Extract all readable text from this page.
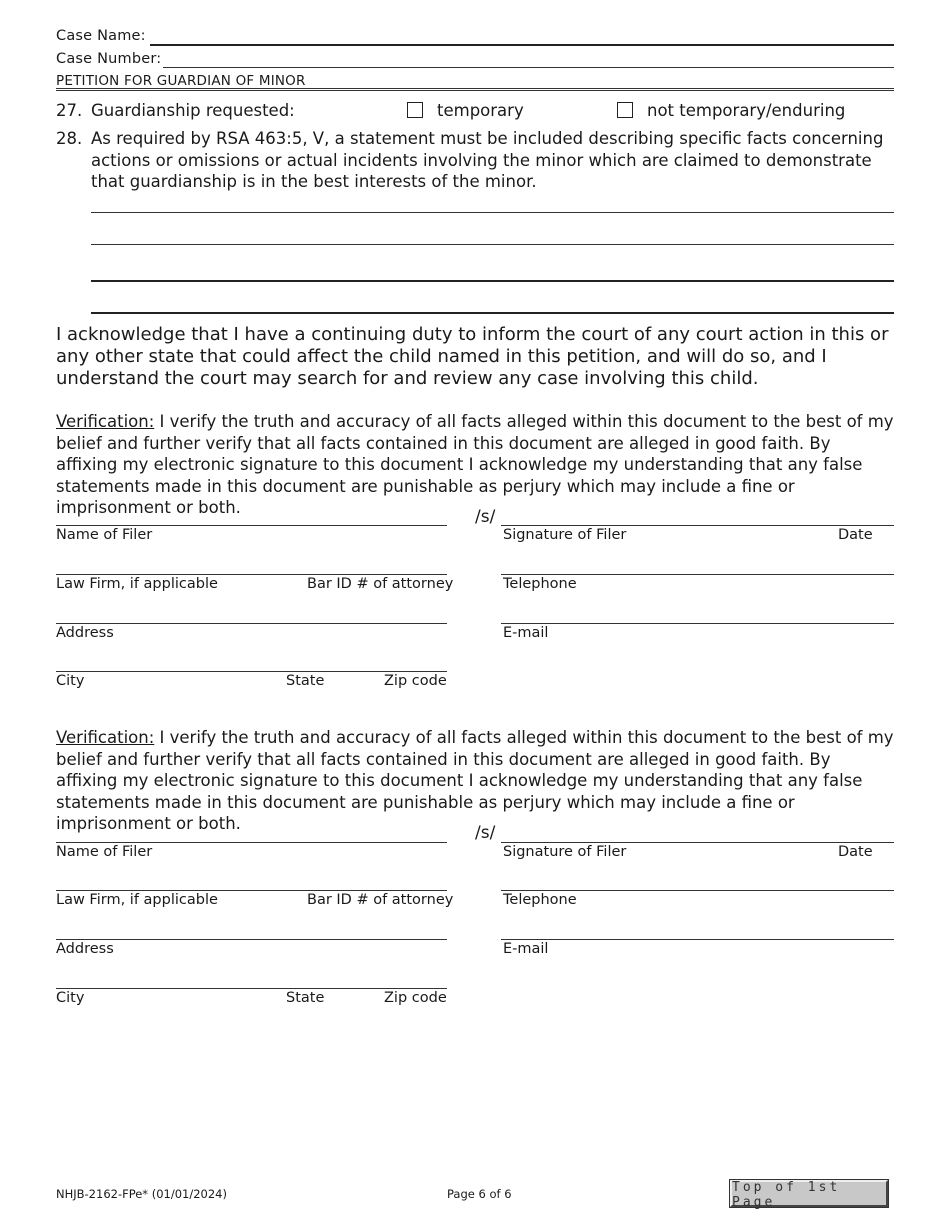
Case Name:
Case Number:
PETITION FOR GUARDIAN OF MINOR
27. Guardianship requested:	temporary	not temporary/enduring
28. As required by RSA 463:5, V, a statement must be included describing specific facts concerning actions or omissions or actual incidents involving the minor which are claimed to demonstrate that guardianship is in the best interests of the minor.
I acknowledge that I have a continuing duty to inform the court of any court action in this or any other state that could affect the child named in this petition, and will do so, and I understand the court may search for and review any case involving this child.
Verification: I verify the truth and accuracy of all facts alleged within this document to the best of my belief and further verify that all facts contained in this document are alleged in good faith. By affixing my electronic signature to this document I acknowledge my understanding that any false statements made in this document are punishable as perjury which may include a fine or imprisonment or both.	/s/
Name of Filer	Signature of Filer	Date
Law Firm, if applicable	Bar ID # of attorney	Telephone
Address	E-mail
City	State	Zip code
Verification: I verify the truth and accuracy of all facts alleged within this document to the best of my belief and further verify that all facts contained in this document are alleged in good faith. By affixing my electronic signature to this document I acknowledge my understanding that any false statements made in this document are punishable as perjury which may include a fine or imprisonment or both.	/s/
Name of Filer	Signature of Filer	Date
Law Firm, if applicable	Bar ID # of attorney	Telephone
Address	E-mail
City	State	Zip code
NHJB-2162-FPe* (01/01/2024)	Page 6 of 6	Top of 1st Page
